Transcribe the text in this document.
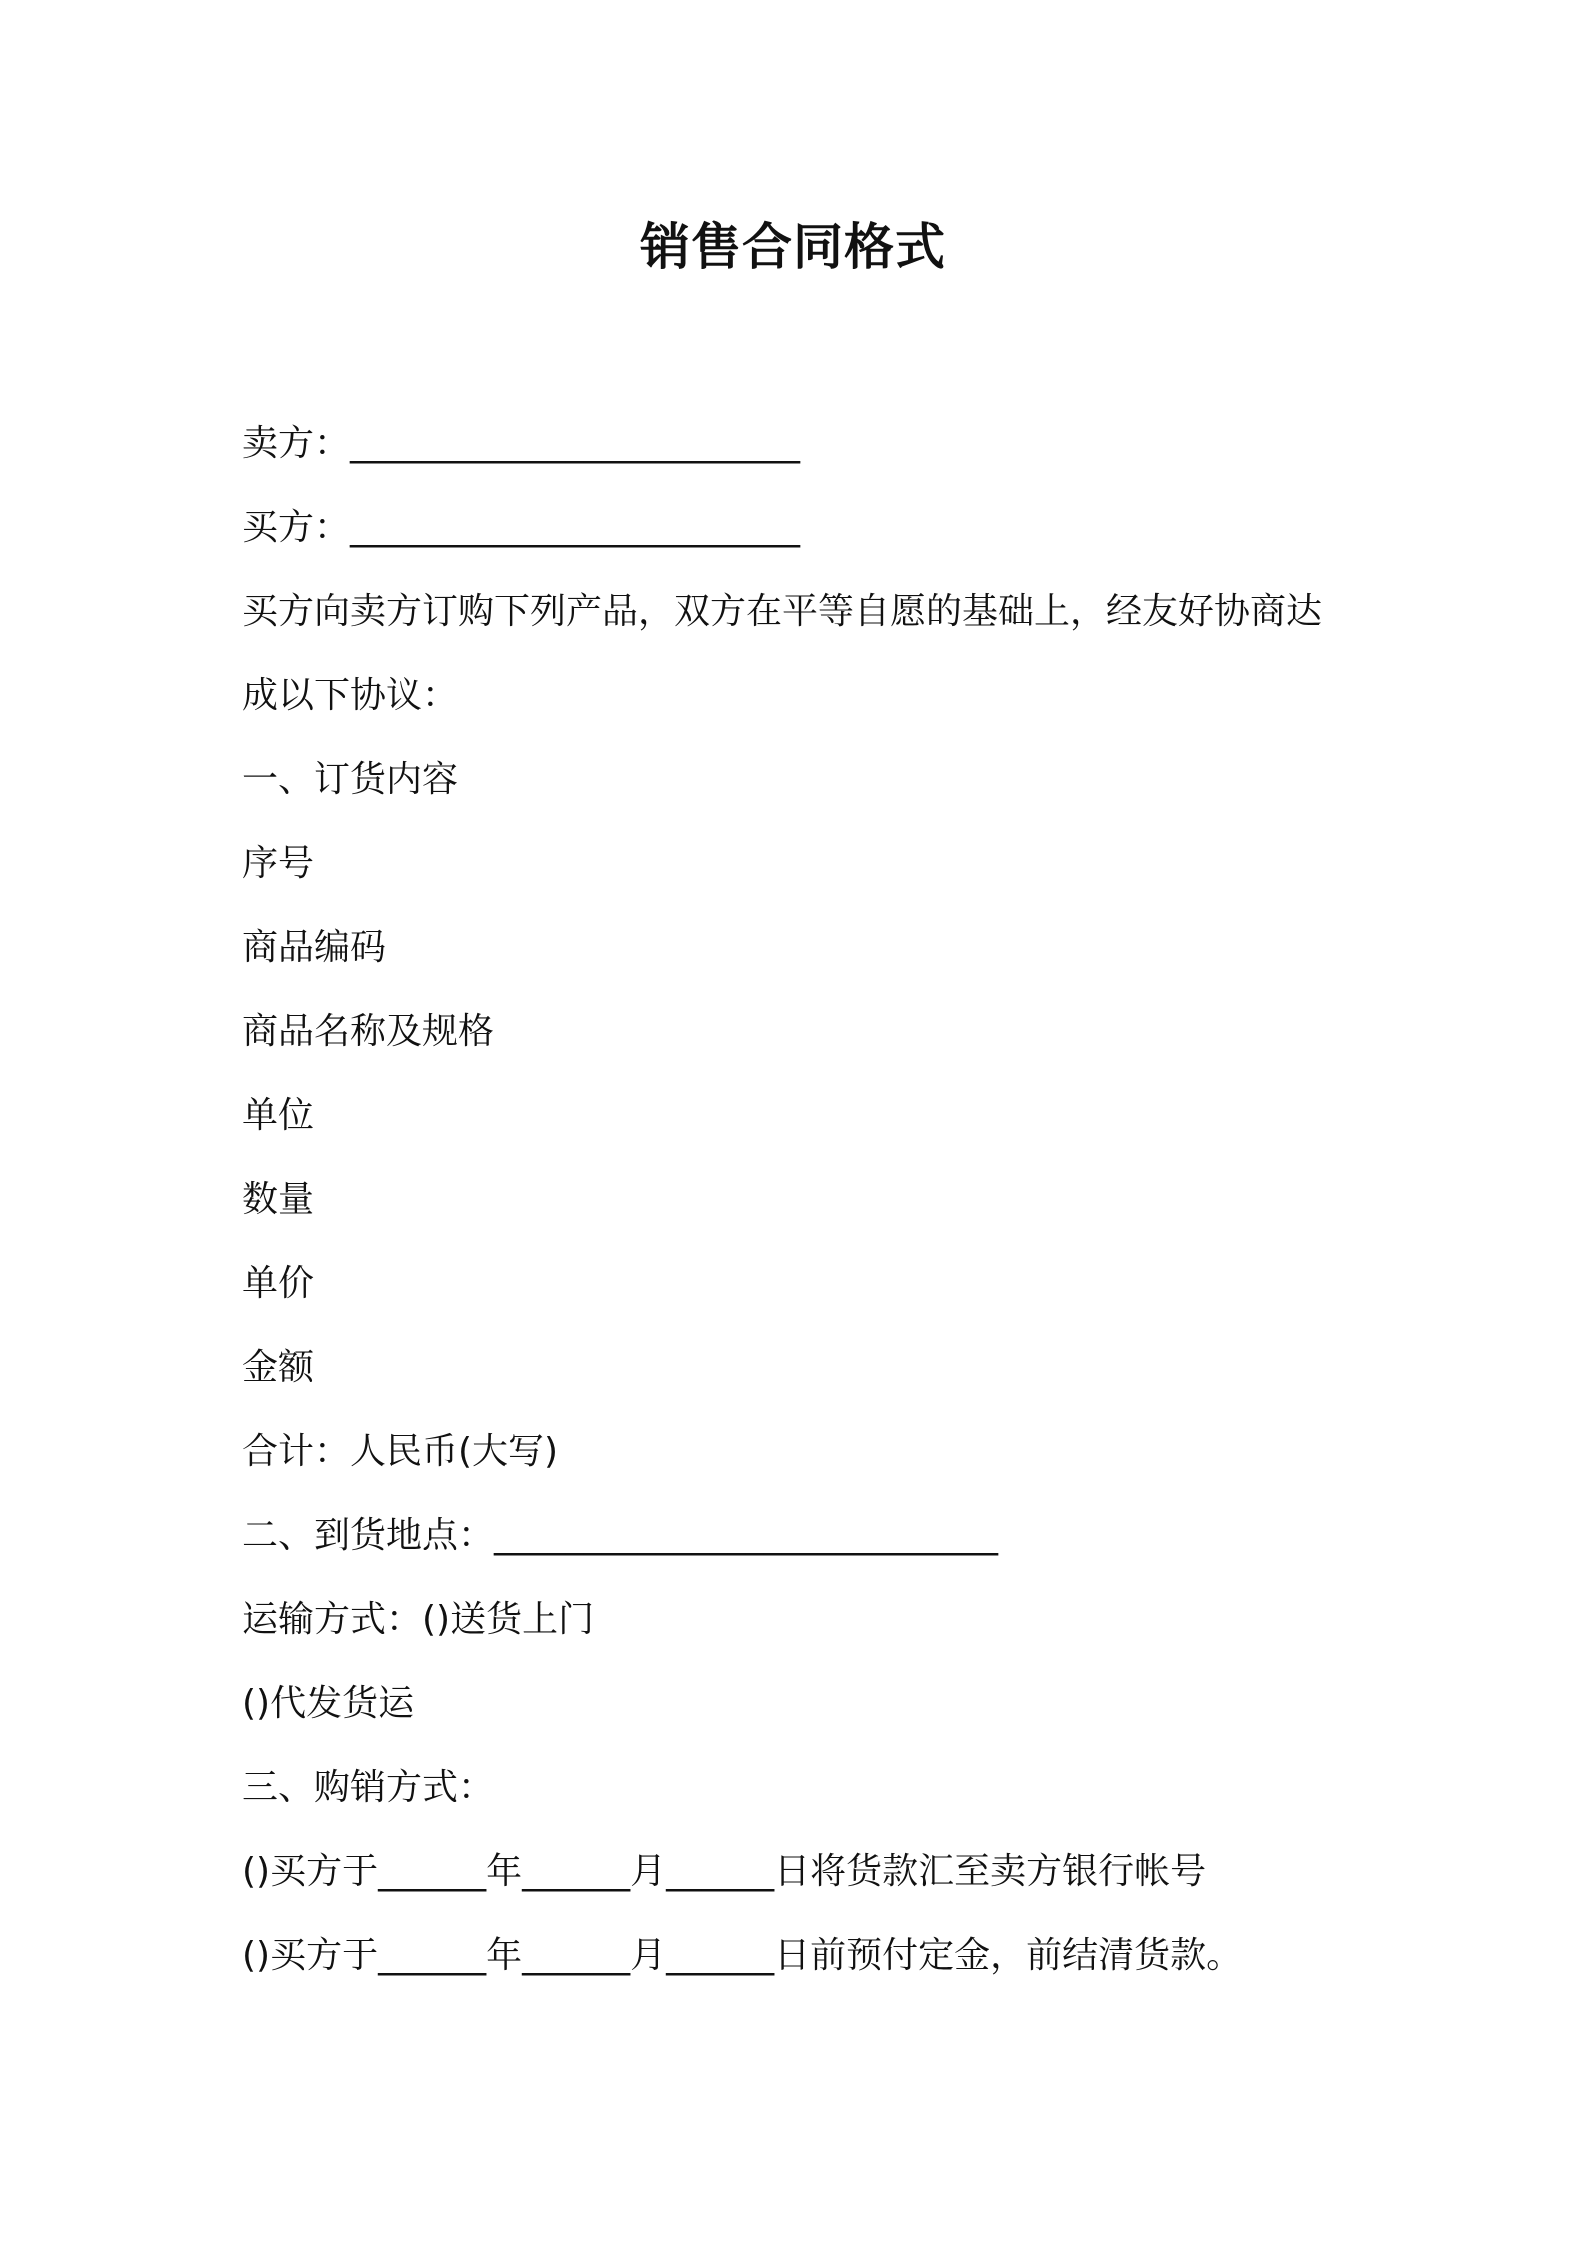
销售合同格式
卖方：_________________________
买方：_________________________
买方向卖方订购下列产品，双方在平等自愿的基础上，经友好协商达
成以下协议：
一、订货内容
序号
商品编码
商品名称及规格
单位
数量
单价
金额
合计：人民币(大写)
二、到货地点：____________________________
运输方式：()送货上门
()代发货运
三、购销方式：
()买方于______年______月______日将货款汇至卖方银行帐号
()买方于______年______月______日前预付定金，前结清货款。
